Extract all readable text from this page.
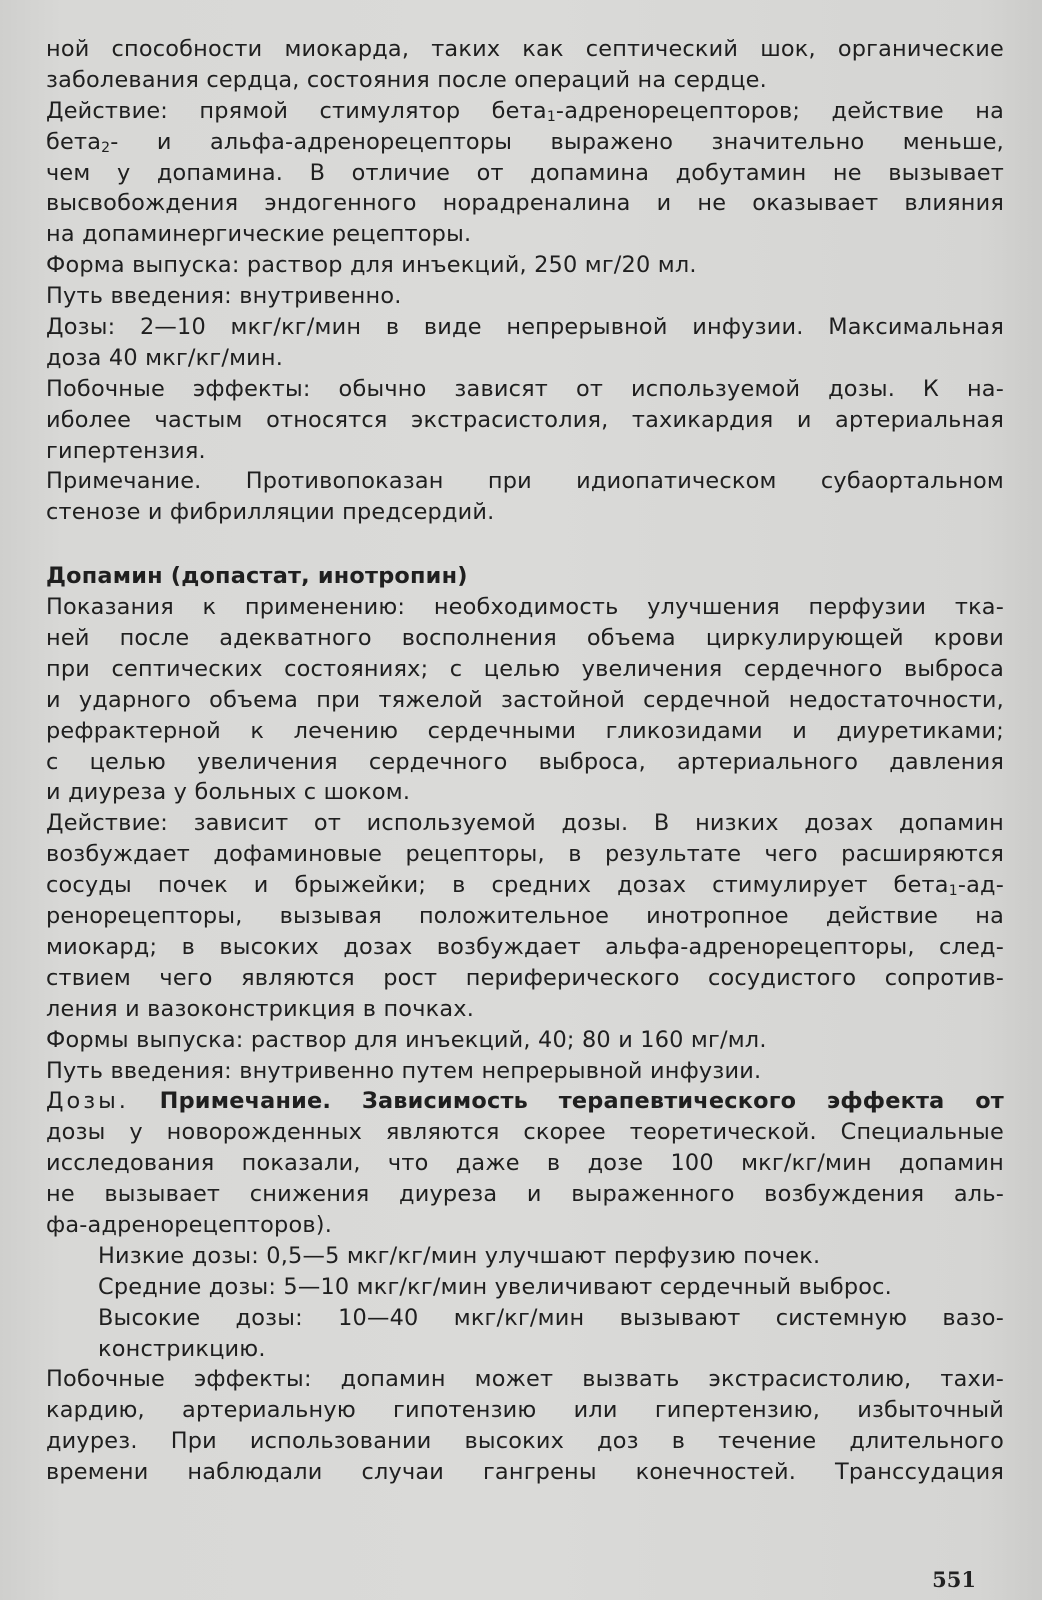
ной способности миокарда, таких как септический шок, органические
заболевания сердца, состояния после операций на сердце.
Действие: прямой стимулятор бета$_1$-адренорецепторов; действие на
бета$_2$- и альфа-адренорецепторы выражено значительно меньше,
чем у допамина. В отличие от допамина добутамин не вызывает
высвобождения эндогенного норадреналина и не оказывает влияния
на допаминергические рецепторы.
Форма выпуска: раствор для инъекций, 250 мг/20 мл.
Путь введения: внутривенно.
Дозы: 2—10 мкг/кг/мин в виде непрерывной инфузии. Максимальная
доза 40 мкг/кг/мин.
Побочные эффекты: обычно зависят от используемой дозы. К на-
иболее частым относятся экстрасистолия, тахикардия и артериальная
гипертензия.
Примечание. Противопоказан при идиопатическом субаортальном
стенозе и фибрилляции предсердий.
Допамин (допастат, инотропин)
Показания к применению: необходимость улучшения перфузии тка-
ней после адекватного восполнения объема циркулирующей крови
при септических состояниях; с целью увеличения сердечного выброса
и ударного объема при тяжелой застойной сердечной недостаточности,
рефрактерной к лечению сердечными гликозидами и диуретиками;
с целью увеличения сердечного выброса, артериального давления
и диуреза у больных с шоком.
Действие: зависит от используемой дозы. В низких дозах допамин
возбуждает дофаминовые рецепторы, в результате чего расширяются
сосуды почек и брыжейки; в средних дозах стимулирует бета$_1$-ад-
ренорецепторы, вызывая положительное инотропное действие на
миокард; в высоких дозах возбуждает альфа-адренорецепторы, след-
ствием чего являются рост периферического сосудистого сопротив-
ления и вазоконстрикция в почках.
Формы выпуска: раствор для инъекций, 40; 80 и 160 мг/мл.
Путь введения: внутривенно путем непрерывной инфузии.
Дозы. Примечание. Зависимость терапевтического эффекта от
дозы у новорожденных являются скорее теоретической. Специальные
исследования показали, что даже в дозе 100 мкг/кг/мин допамин
не вызывает снижения диуреза и выраженного возбуждения аль-
фа-адренорецепторов).
Низкие дозы: 0,5—5 мкг/кг/мин улучшают перфузию почек.
Средние дозы: 5—10 мкг/кг/мин увеличивают сердечный выброс.
Высокие дозы: 10—40 мкг/кг/мин вызывают системную вазо-
констрикцию.
Побочные эффекты: допамин может вызвать экстрасистолию, тахи-
кардию, артериальную гипотензию или гипертензию, избыточный
диурез. При использовании высоких доз в течение длительного
времени наблюдали случаи гангрены конечностей. Транссудация
551
